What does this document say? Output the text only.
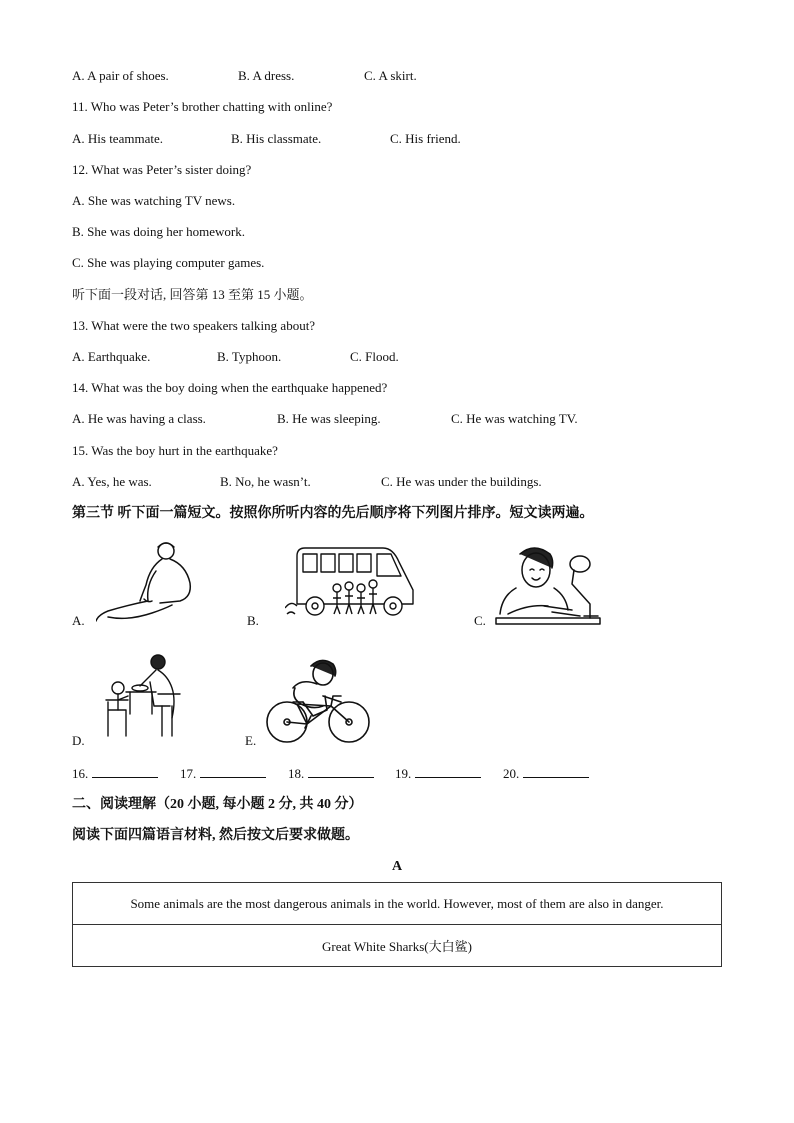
A. A pair of shoes.	B. A dress.	C. A skirt.
11. Who was Peter’s brother chatting with online?
A. His teammate.	B. His classmate.	C. His friend.
12. What was Peter’s sister doing?
A. She was watching TV news.
B. She was doing her homework.
C. She was playing computer games.
听下面一段对话, 回答第 13 至第 15 小题。
13. What were the two speakers talking about?
A. Earthquake.	B. Typhoon.	C. Flood.
14. What was the boy doing when the earthquake happened?
A. He was having a class.	B. He was sleeping.	C. He was watching TV.
15. Was the boy hurt in the earthquake?
A. Yes, he was.	B. No, he wasn’t.	C. He was under the buildings.
第三节 听下面一篇短文。按照你所听内容的先后顺序将下列图片排序。短文读两遍。
A.	B.	C.
D.	E.
16.	17.	18.	19.	20.
二、阅读理解（20 小题, 每小题 2 分, 共 40 分）
阅读下面四篇语言材料, 然后按文后要求做题。
A
Some animals are the most dangerous animals in the world. However, most of them are also in danger.
Great White Sharks(大白鲨)
